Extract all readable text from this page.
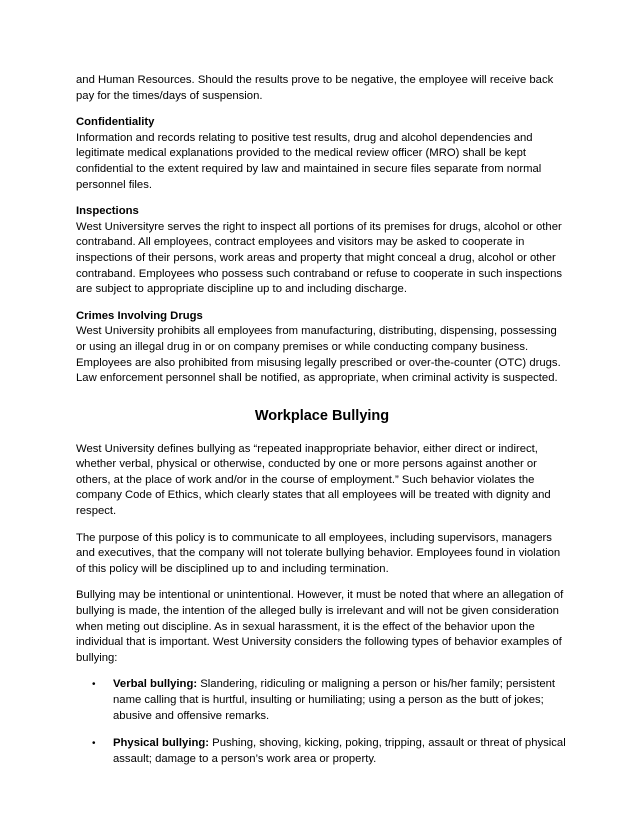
and Human Resources. Should the results prove to be negative, the employee will receive back pay for the times/days of suspension.

Confidentiality
Information and records relating to positive test results, drug and alcohol dependencies and legitimate medical explanations provided to the medical review officer (MRO) shall be kept confidential to the extent required by law and maintained in secure files separate from normal personnel files.

Inspections
West Universityre serves the right to inspect all portions of its premises for drugs, alcohol or other contraband. All employees, contract employees and visitors may be asked to cooperate in inspections of their persons, work areas and property that might conceal a drug, alcohol or other contraband. Employees who possess such contraband or refuse to cooperate in such inspections are subject to appropriate discipline up to and including discharge.

Crimes Involving Drugs
West University prohibits all employees from manufacturing, distributing, dispensing, possessing or using an illegal drug in or on company premises or while conducting company business. Employees are also prohibited from misusing legally prescribed or over-the-counter (OTC) drugs. Law enforcement personnel shall be notified, as appropriate, when criminal activity is suspected.

Workplace Bullying

West University defines bullying as “repeated inappropriate behavior, either direct or indirect, whether verbal, physical or otherwise, conducted by one or more persons against another or others, at the place of work and/or in the course of employment.” Such behavior violates the company Code of Ethics, which clearly states that all employees will be treated with dignity and respect.

The purpose of this policy is to communicate to all employees, including supervisors, managers and executives, that the company will not tolerate bullying behavior. Employees found in violation of this policy will be disciplined up to and including termination.

Bullying may be intentional or unintentional. However, it must be noted that where an allegation of bullying is made, the intention of the alleged bully is irrelevant and will not be given consideration when meting out discipline. As in sexual harassment, it is the effect of the behavior upon the individual that is important. West University considers the following types of behavior examples of bullying:

• Verbal bullying: Slandering, ridiculing or maligning a person or his/her family; persistent name calling that is hurtful, insulting or humiliating; using a person as the butt of jokes; abusive and offensive remarks.
• Physical bullying: Pushing, shoving, kicking, poking, tripping, assault or threat of physical assault; damage to a person’s work area or property.
